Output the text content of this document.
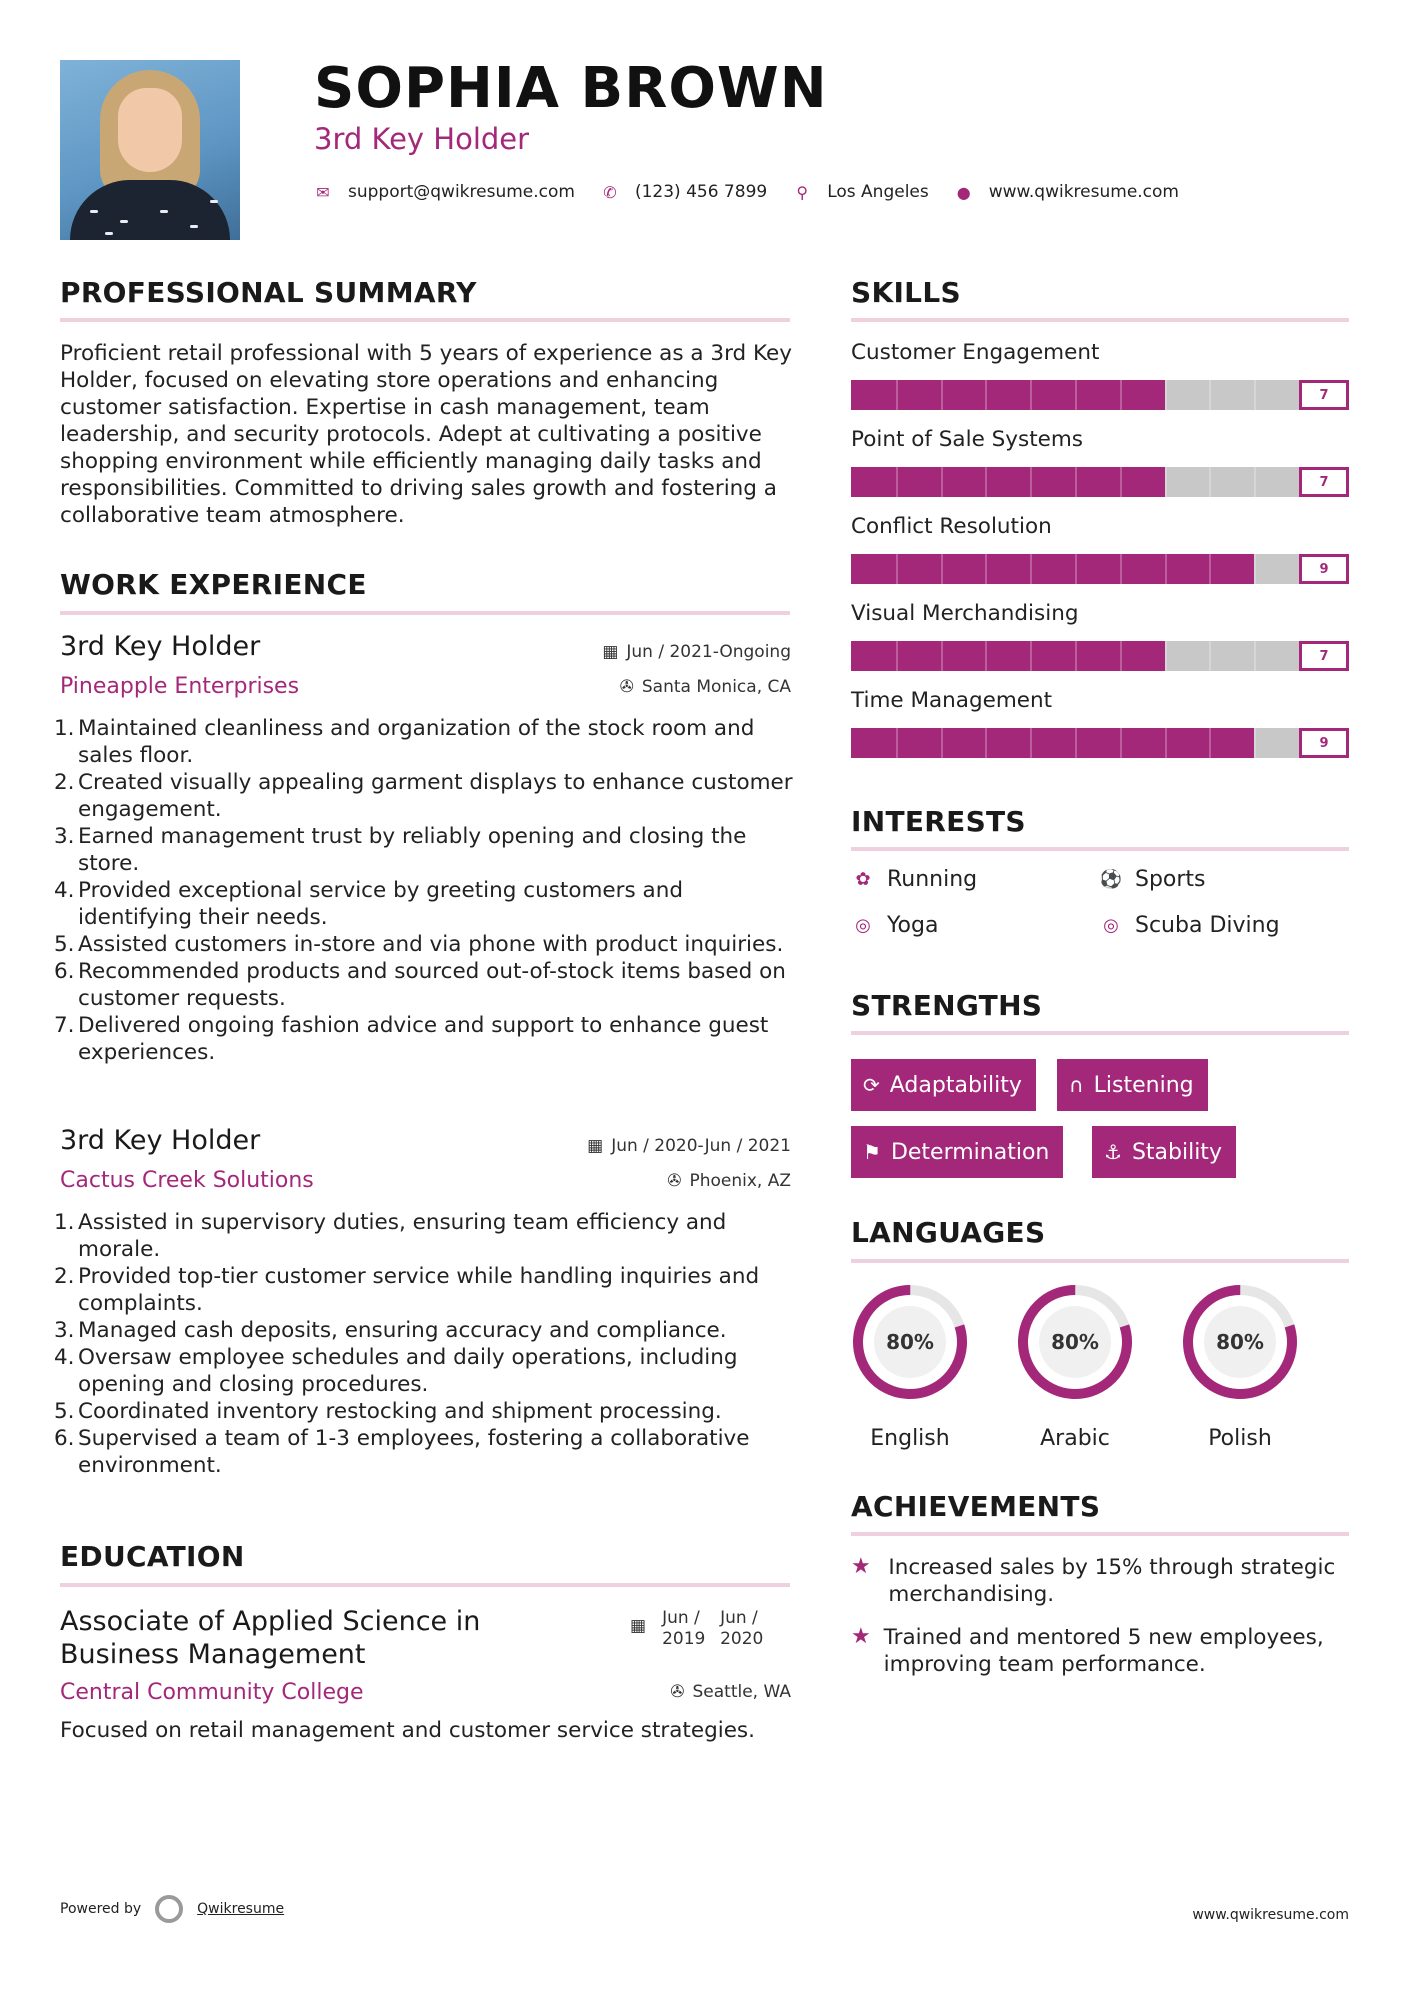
SOPHIA BROWN
3rd Key Holder
✉ support@qwikresume.com ✆ (123) 456 7899 ⚲ Los Angeles ● www.qwikresume.com
PROFESSIONAL SUMMARY
Proficient retail professional with 5 years of experience as a 3rd Key Holder, focused on elevating store operations and enhancing customer satisfaction. Expertise in cash management, team leadership, and security protocols. Adept at cultivating a positive shopping environment while efficiently managing daily tasks and responsibilities. Committed to driving sales growth and fostering a collaborative team atmosphere.
WORK EXPERIENCE
3rd Key Holder	▦ Jun / 2021-Ongoing
Pineapple Enterprises	✇ Santa Monica, CA
1. Maintained cleanliness and organization of the stock room and sales floor.
2. Created visually appealing garment displays to enhance customer engagement.
3. Earned management trust by reliably opening and closing the store.
4. Provided exceptional service by greeting customers and identifying their needs.
5. Assisted customers in-store and via phone with product inquiries.
6. Recommended products and sourced out-of-stock items based on customer requests.
7. Delivered ongoing fashion advice and support to enhance guest experiences.
3rd Key Holder	▦ Jun / 2020-Jun / 2021
Cactus Creek Solutions	✇ Phoenix, AZ
1. Assisted in supervisory duties, ensuring team efficiency and morale.
2. Provided top-tier customer service while handling inquiries and complaints.
3. Managed cash deposits, ensuring accuracy and compliance.
4. Oversaw employee schedules and daily operations, including opening and closing procedures.
5. Coordinated inventory restocking and shipment processing.
6. Supervised a team of 1-3 employees, fostering a collaborative environment.
EDUCATION
Associate of Applied Science in Business Management
▦ Jun / 2019
Jun / 2020
Central Community College	✇ Seattle, WA
Focused on retail management and customer service strategies.
SKILLS
Customer Engagement
7
Point of Sale Systems
7
Conflict Resolution
9
Visual Merchandising
7
Time Management
9
INTERESTS
✿ Running	⚽ Sports
◎ Yoga	◎ Scuba Diving
STRENGTHS
⟳ Adaptability ∩ Listening
⚑ Determination	⚓ Stability
LANGUAGES
80%
English
80%
Arabic
80%
Polish
ACHIEVEMENTS
★ Increased sales by 15% through strategic merchandising.
★ Trained and mentored 5 new employees, improving team performance.
Powered by	Qwikresume	www.qwikresume.com
